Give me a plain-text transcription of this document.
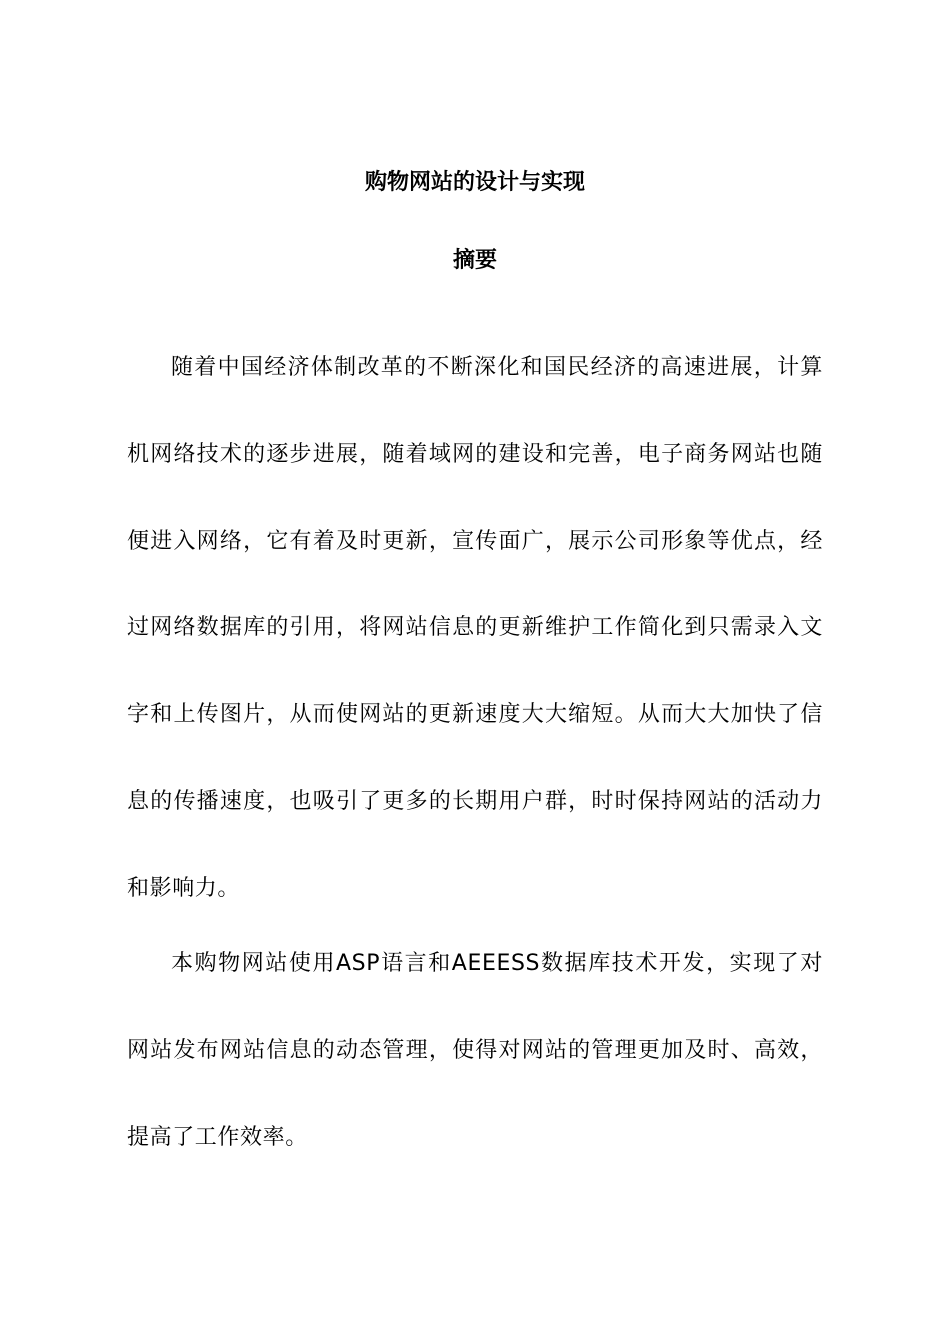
购物网站的设计与实现
摘要

随着中国经济体制改革的不断深化和国民经济的高速进展，计算机网络技术的逐步进展，随着域网的建设和完善，电子商务网站也随便进入网络，它有着及时更新，宣传面广，展示公司形象等优点，经过网络数据库的引用，将网站信息的更新维护工作简化到只需录入文字和上传图片，从而使网站的更新速度大大缩短。从而大大加快了信息的传播速度，也吸引了更多的长期用户群，时时保持网站的活动力和影响力。

本购物网站使用ASP语言和AEEESS数据库技术开发，实现了对网站发布网站信息的动态管理，使得对网站的管理更加及时、高效，提高了工作效率。
